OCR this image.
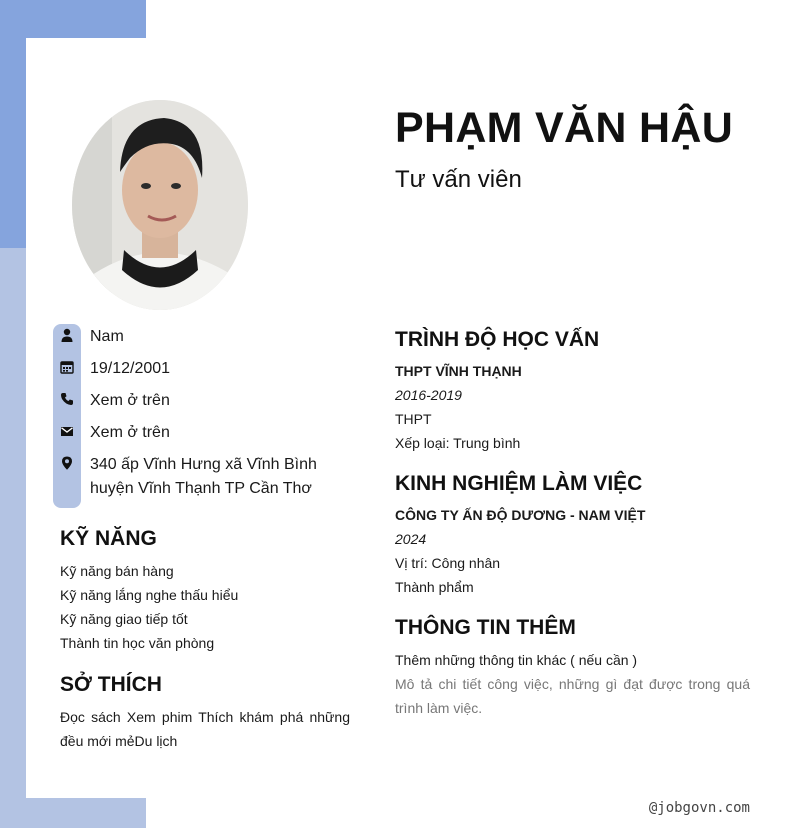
PHẠM VĂN HẬU
Tư vấn viên
Nam
19/12/2001
Xem ở trên
Xem ở trên
340 ấp Vĩnh Hưng xã Vĩnh Bình
huyện Vĩnh Thạnh TP Cần Thơ
KỸ NĂNG
Kỹ năng bán hàng
Kỹ năng lắng nghe thấu hiểu
Kỹ năng giao tiếp tốt
Thành tin học văn phòng
SỞ THÍCH
Đọc sách Xem phim Thích khám phá những đều mới mẻDu lịch
TRÌNH ĐỘ HỌC VẤN
THPT VĨNH THẠNH
2016-2019
THPT
Xếp loại: Trung bình
KINH NGHIỆM LÀM VIỆC
CÔNG TY ẤN ĐỘ DƯƠNG - NAM VIỆT
2024
Vị trí: Công nhân
Thành phẩm
THÔNG TIN THÊM
Thêm những thông tin khác ( nếu cần )
Mô tả chi tiết công việc, những gì đạt được trong quá trình làm việc.
@jobgovn.com
